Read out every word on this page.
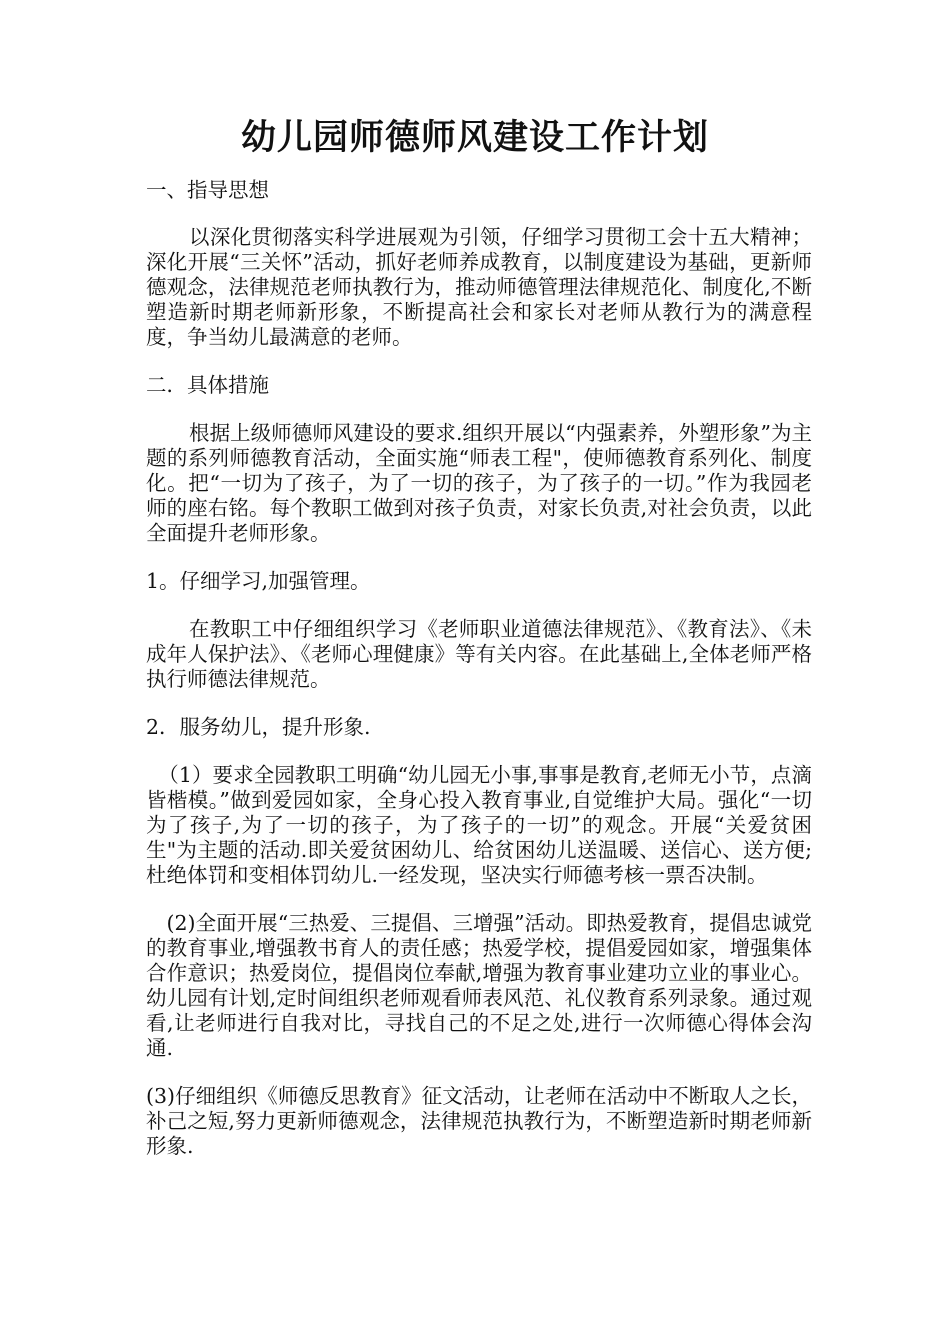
幼儿园师德师风建设工作计划
一、指导思想
以深化贯彻落实科学进展观为引领，仔细学习贯彻工会十五大精神；深化开展“三关怀”活动，抓好老师养成教育，以制度建设为基础，更新师德观念，法律规范老师执教行为，推动师德管理法律规范化、制度化,不断塑造新时期老师新形象，不断提高社会和家长对老师从教行为的满意程度，争当幼儿最满意的老师。
二．具体措施
根据上级师德师风建设的要求.组织开展以“内强素养，外塑形象”为主题的系列师德教育活动，全面实施“师表工程"，使师德教育系列化、制度化。把“一切为了孩子，为了一切的孩子，为了孩子的一切。”作为我园老师的座右铭。每个教职工做到对孩子负责，对家长负责,对社会负责，以此全面提升老师形象。
1。仔细学习,加强管理。
在教职工中仔细组织学习《老师职业道德法律规范》、《教育法》、《未成年人保护法》、《老师心理健康》等有关内容。在此基础上,全体老师严格执行师德法律规范。
2．服务幼儿，提升形象.
（1）要求全园教职工明确“幼儿园无小事,事事是教育,老师无小节，点滴皆楷模。”做到爱园如家，全身心投入教育事业,自觉维护大局。强化“一切为了孩子,为了一切的孩子，为了孩子的一切”的观念。开展“关爱贫困生"为主题的活动.即关爱贫困幼儿、给贫困幼儿送温暖、送信心、送方便;杜绝体罚和变相体罚幼儿.一经发现，坚决实行师德考核一票否决制。
(2)全面开展“三热爱、三提倡、三增强”活动。即热爱教育，提倡忠诚党的教育事业,增强教书育人的责任感；热爱学校，提倡爱园如家，增强集体合作意识；热爱岗位，提倡岗位奉献,增强为教育事业建功立业的事业心。幼儿园有计划,定时间组织老师观看师表风范、礼仪教育系列录象。通过观看,让老师进行自我对比，寻找自己的不足之处,进行一次师德心得体会沟通.
(3)仔细组织《师德反思教育》征文活动，让老师在活动中不断取人之长，补己之短,努力更新师德观念，法律规范执教行为，不断塑造新时期老师新形象.
